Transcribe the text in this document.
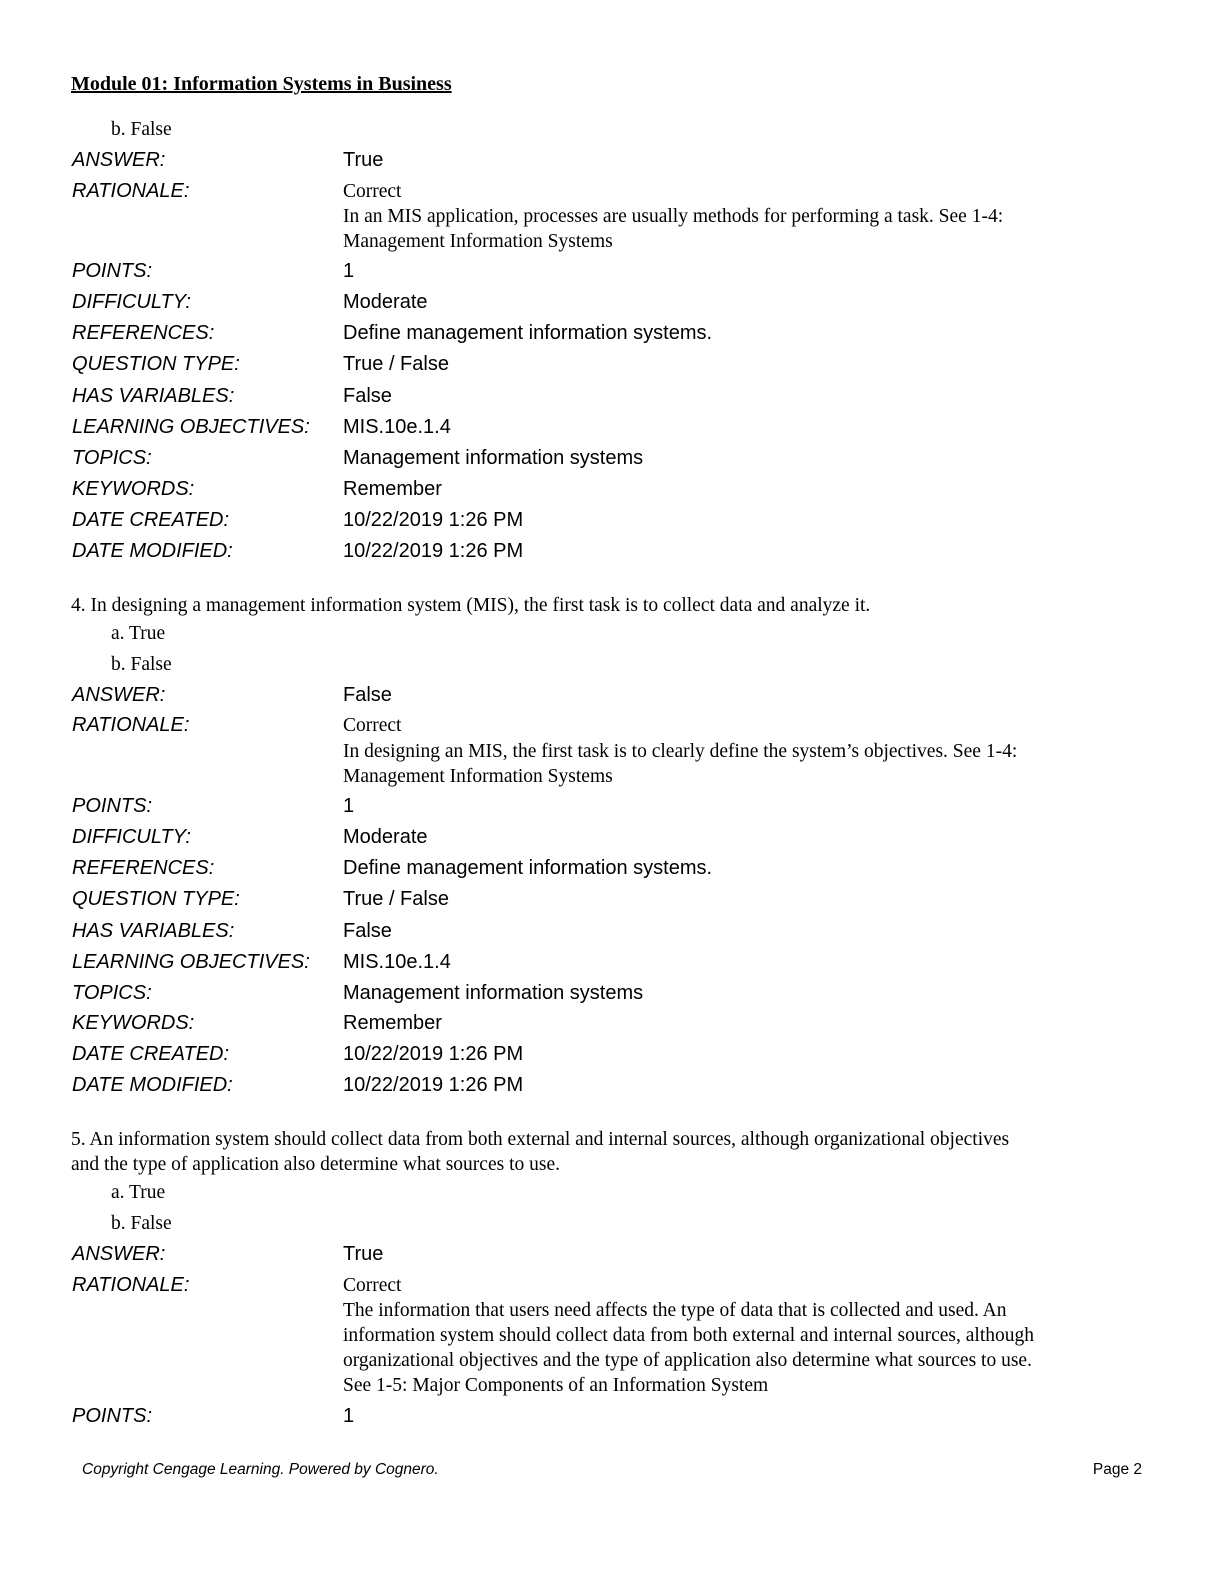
Module 01: Information Systems in Business
b. False
ANSWER:	True
RATIONALE:	Correct
In an MIS application, processes are usually methods for performing a task. See 1-4:
Management Information Systems
POINTS:	1
DIFFICULTY:	Moderate
REFERENCES:	Define management information systems.
QUESTION TYPE:	True / False
HAS VARIABLES:	False
LEARNING OBJECTIVES: MIS.10e.1.4
TOPICS:	Management information systems
KEYWORDS:	Remember
DATE CREATED:	10/22/2019 1:26 PM
DATE MODIFIED:	10/22/2019 1:26 PM
4. In designing a management information system (MIS), the first task is to collect data and analyze it.
a. True
b. False
ANSWER:	False
RATIONALE:	Correct
In designing an MIS, the first task is to clearly define the system’s objectives. See 1-4:
Management Information Systems
POINTS:	1
DIFFICULTY:	Moderate
REFERENCES:	Define management information systems.
QUESTION TYPE:	True / False
HAS VARIABLES:	False
LEARNING OBJECTIVES: MIS.10e.1.4
TOPICS:	Management information systems
KEYWORDS:	Remember
DATE CREATED:	10/22/2019 1:26 PM
DATE MODIFIED:	10/22/2019 1:26 PM
5. An information system should collect data from both external and internal sources, although organizational objectives
and the type of application also determine what sources to use.
a. True
b. False
ANSWER:	True
RATIONALE:	Correct
The information that users need affects the type of data that is collected and used. An
information system should collect data from both external and internal sources, although
organizational objectives and the type of application also determine what sources to use.
See 1-5: Major Components of an Information System
POINTS:	1
Copyright Cengage Learning. Powered by Cognero.	Page 2
